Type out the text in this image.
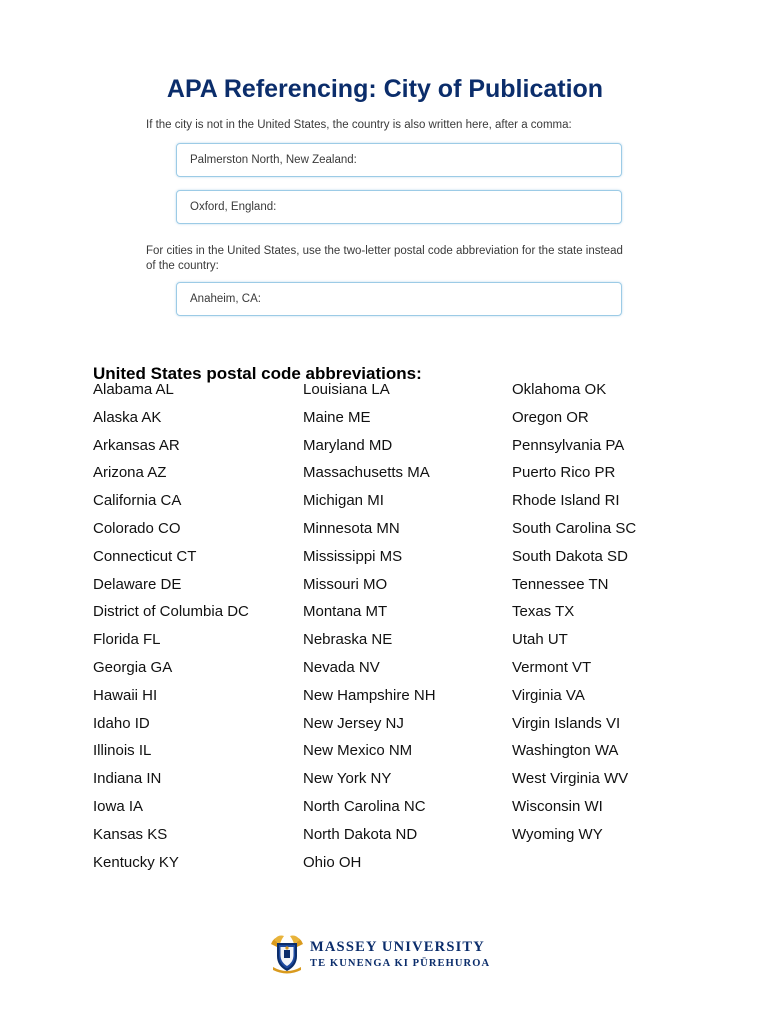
APA Referencing: City of Publication
If the city is not in the United States, the country is also written here, after a comma:
Palmerston North, New Zealand:
Oxford, England:
For cities in the United States, use the two-letter postal code abbreviation for the state instead of the country:
Anaheim, CA:
United States postal code abbreviations:
Alabama AL
Alaska AK
Arkansas AR
Arizona AZ
California CA
Colorado CO
Connecticut CT
Delaware DE
District of Columbia DC
Florida FL
Georgia GA
Hawaii HI
Idaho ID
Illinois IL
Indiana IN
Iowa IA
Kansas KS
Kentucky KY
Louisiana LA
Maine ME
Maryland MD
Massachusetts MA
Michigan MI
Minnesota MN
Mississippi MS
Missouri MO
Montana MT
Nebraska NE
Nevada NV
New Hampshire NH
New Jersey NJ
New Mexico NM
New York NY
North Carolina NC
North Dakota ND
Ohio OH
Oklahoma OK
Oregon OR
Pennsylvania PA
Puerto Rico PR
Rhode Island RI
South Carolina SC
South Dakota SD
Tennessee TN
Texas TX
Utah UT
Vermont VT
Virginia VA
Virgin Islands VI
Washington WA
West Virginia WV
Wisconsin WI
Wyoming WY
MASSEY UNIVERSITY
TE KUNENGA KI PŪREHUROA
